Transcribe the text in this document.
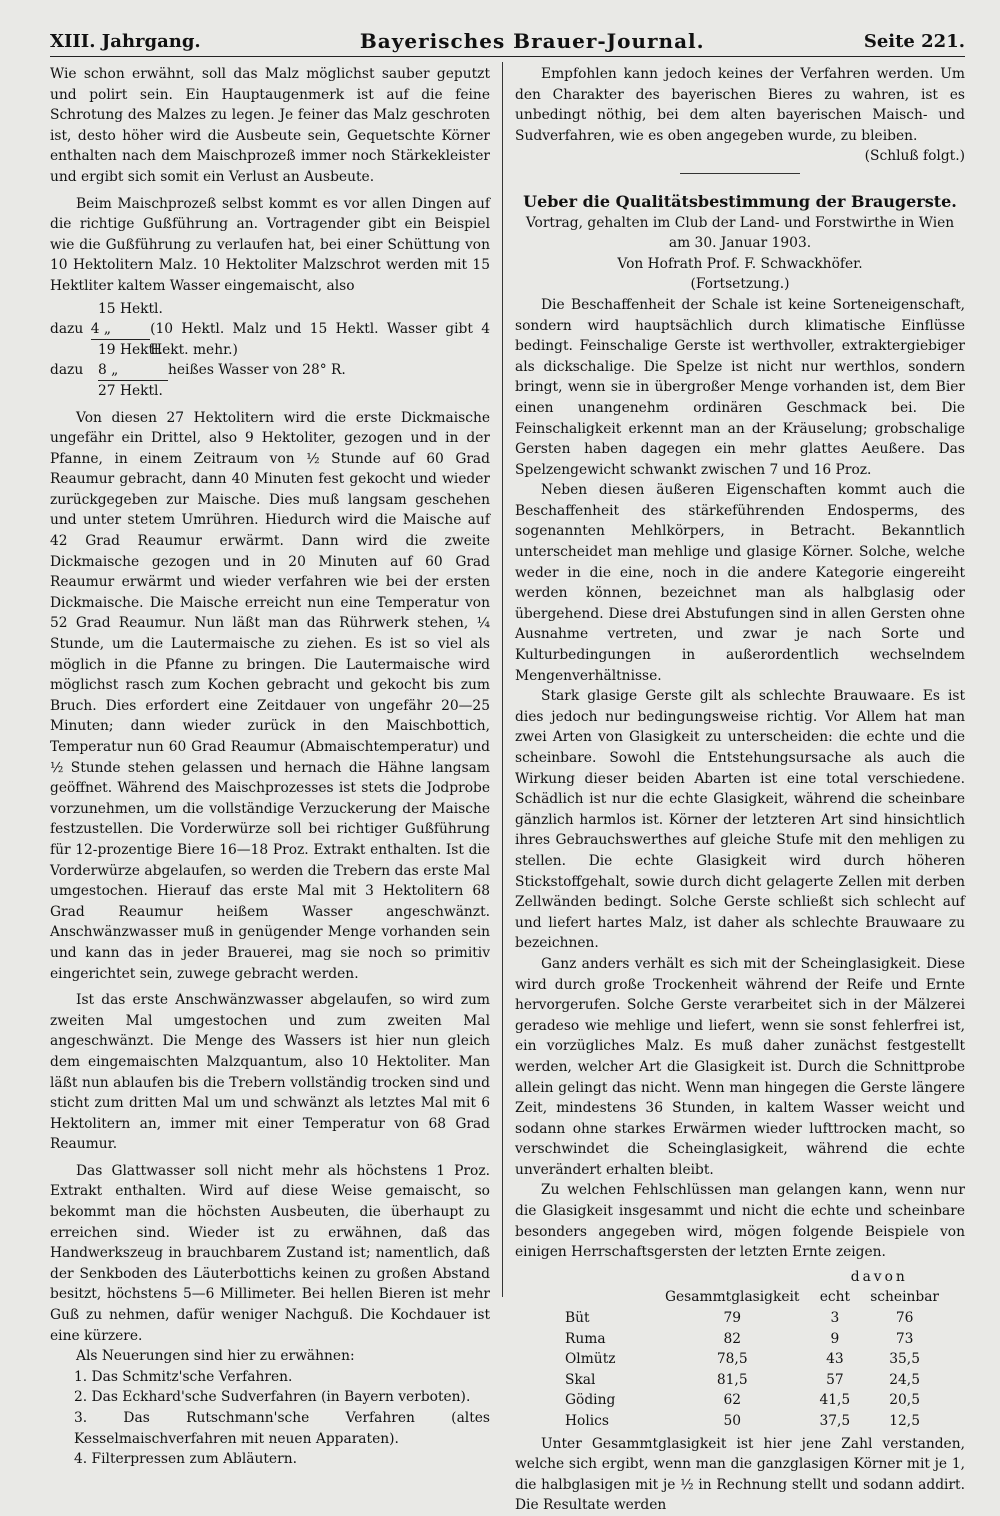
XIII. Jahrgang.	Bayerisches Brauer-Journal.	Seite 221.

Wie schon erwähnt, soll das Malz möglichst sauber geputzt und polirt sein. Ein Hauptaugenmerk ist auf die feine Schrotung des Malzes zu legen. Je feiner das Malz geschroten ist, desto höher wird die Ausbeute sein, Gequetschte Körner enthalten nach dem Maischprozeß immer noch Stärkekleister und ergibt sich somit ein Verlust an Ausbeute.

Beim Maischprozeß selbst kommt es vor allen Dingen auf die richtige Gußführung an. Vortragender gibt ein Beispiel wie die Gußführung zu verlaufen hat, bei einer Schüttung von 10 Hektolitern Malz. 10 Hektoliter Malzschrot werden mit 15 Hektliter kaltem Wasser eingemaischt, also

15 Hektl.
dazu 4 „	(10 Hektl. Malz und 15 Hektl. Wasser gibt 4 Hekt. mehr.)
19 Hektl.
dazu	8 „	heißes Wasser von 28° R.
27 Hektl.

Von diesen 27 Hektolitern wird die erste Dickmaische ungefähr ein Drittel, also 9 Hektoliter, gezogen und in der Pfanne, in einem Zeitraum von ½ Stunde auf 60 Grad Reaumur gebracht, dann 40 Minuten fest gekocht und wieder zurückgegeben zur Maische. Dies muß langsam geschehen und unter stetem Umrühren. Hiedurch wird die Maische auf 42 Grad Reaumur erwärmt. Dann wird die zweite Dickmaische gezogen und in 20 Minuten auf 60 Grad Reaumur erwärmt und wieder verfahren wie bei der ersten Dickmaische. Die Maische erreicht nun eine Temperatur von 52 Grad Reaumur. Nun läßt man das Rührwerk stehen, ¼ Stunde, um die Lautermaische zu ziehen. Es ist so viel als möglich in die Pfanne zu bringen. Die Lautermaische wird möglichst rasch zum Kochen gebracht und gekocht bis zum Bruch. Dies erfordert eine Zeitdauer von ungefähr 20—25 Minuten; dann wieder zurück in den Maischbottich, Temperatur nun 60 Grad Reaumur (Abmaischtemperatur) und ½ Stunde stehen gelassen und hernach die Hähne langsam geöffnet. Während des Maischprozesses ist stets die Jodprobe vorzunehmen, um die vollständige Verzuckerung der Maische festzustellen. Die Vorderwürze soll bei richtiger Gußführung für 12-prozentige Biere 16—18 Proz. Extrakt enthalten. Ist die Vorderwürze abgelaufen, so werden die Trebern das erste Mal umgestochen. Hierauf das erste Mal mit 3 Hektolitern 68 Grad Reaumur heißem Wasser angeschwänzt. Anschwänzwasser muß in genügender Menge vorhanden sein und kann das in jeder Brauerei, mag sie noch so primitiv eingerichtet sein, zuwege gebracht werden.

Ist das erste Anschwänzwasser abgelaufen, so wird zum zweiten Mal umgestochen und zum zweiten Mal angeschwänzt. Die Menge des Wassers ist hier nun gleich dem eingemaischten Malzquantum, also 10 Hektoliter. Man läßt nun ablaufen bis die Trebern vollständig trocken sind und sticht zum dritten Mal um und schwänzt als letztes Mal mit 6 Hektolitern an, immer mit einer Temperatur von 68 Grad Reaumur.

Das Glattwasser soll nicht mehr als höchstens 1 Proz. Extrakt enthalten. Wird auf diese Weise gemaischt, so bekommt man die höchsten Ausbeuten, die überhaupt zu erreichen sind. Wieder ist zu erwähnen, daß das Handwerkszeug in brauchbarem Zustand ist; namentlich, daß der Senkboden des Läuterbottichs keinen zu großen Abstand besitzt, höchstens 5—6 Millimeter. Bei hellen Bieren ist mehr Guß zu nehmen, dafür weniger Nachguß. Die Kochdauer ist eine kürzere.

Als Neuerungen sind hier zu erwähnen:

1. Das Schmitz'sche Verfahren.

2. Das Eckhard'sche Sudverfahren (in Bayern verboten).

3. Das Rutschmann'sche Verfahren (altes Kesselmaischverfahren mit neuen Apparaten).

4. Filterpressen zum Abläutern.

Empfohlen kann jedoch keines der Verfahren werden. Um den Charakter des bayerischen Bieres zu wahren, ist es unbedingt nöthig, bei dem alten bayerischen Maisch- und Sudverfahren, wie es oben angegeben wurde, zu bleiben.

(Schluß folgt.)

Ueber die Qualitätsbestimmung der Braugerste.

Vortrag, gehalten im Club der Land- und Forstwirthe in Wien

am 30. Januar 1903.

Von Hofrath Prof. F. Schwackhöfer.

(Fortsetzung.)

Die Beschaffenheit der Schale ist keine Sorteneigenschaft, sondern wird hauptsächlich durch klimatische Einflüsse bedingt. Feinschalige Gerste ist werthvoller, extraktergiebiger als dickschalige. Die Spelze ist nicht nur werthlos, sondern bringt, wenn sie in übergroßer Menge vorhanden ist, dem Bier einen unangenehm ordinären Geschmack bei. Die Feinschaligkeit erkennt man an der Kräuselung; grobschalige Gersten haben dagegen ein mehr glattes Aeußere. Das Spelzengewicht schwankt zwischen 7 und 16 Proz.

Neben diesen äußeren Eigenschaften kommt auch die Beschaffenheit des stärkeführenden Endosperms, des sogenannten Mehlkörpers, in Betracht. Bekanntlich unterscheidet man mehlige und glasige Körner. Solche, welche weder in die eine, noch in die andere Kategorie eingereiht werden können, bezeichnet man als halbglasig oder übergehend. Diese drei Abstufungen sind in allen Gersten ohne Ausnahme vertreten, und zwar je nach Sorte und Kulturbedingungen in außerordentlich wechselndem Mengenverhältnisse.

Stark glasige Gerste gilt als schlechte Brauwaare. Es ist dies jedoch nur bedingungsweise richtig. Vor Allem hat man zwei Arten von Glasigkeit zu unterscheiden: die echte und die scheinbare. Sowohl die Entstehungsursache als auch die Wirkung dieser beiden Abarten ist eine total verschiedene. Schädlich ist nur die echte Glasigkeit, während die scheinbare gänzlich harmlos ist. Körner der letzteren Art sind hinsichtlich ihres Gebrauchswerthes auf gleiche Stufe mit den mehligen zu stellen. Die echte Glasigkeit wird durch höheren Stickstoffgehalt, sowie durch dicht gelagerte Zellen mit derben Zellwänden bedingt. Solche Gerste schließt sich schlecht auf und liefert hartes Malz, ist daher als schlechte Brauwaare zu bezeichnen.

Ganz anders verhält es sich mit der Scheinglasigkeit. Diese wird durch große Trockenheit während der Reife und Ernte hervorgerufen. Solche Gerste verarbeitet sich in der Mälzerei geradeso wie mehlige und liefert, wenn sie sonst fehlerfrei ist, ein vorzügliches Malz. Es muß daher zunächst festgestellt werden, welcher Art die Glasigkeit ist. Durch die Schnittprobe allein gelingt das nicht. Wenn man hingegen die Gerste längere Zeit, mindestens 36 Stunden, in kaltem Wasser weicht und sodann ohne starkes Erwärmen wieder lufttrocken macht, so verschwindet die Scheinglasigkeit, während die echte unverändert erhalten bleibt.

Zu welchen Fehlschlüssen man gelangen kann, wenn nur die Glasigkeit insgesammt und nicht die echte und scheinbare besonders angegeben wird, mögen folgende Beispiele von einigen Herrschaftsgersten der letzten Ernte zeigen.

		davon	
	Gesammtglasigkeit	echt	scheinbar
Büt	79	3	76
Ruma	82	9	73
Olmütz	78,5	43	35,5
Skal	81,5	57	24,5
Göding	62	41,5	20,5
Holics	50	37,5	12,5

Unter Gesammtglasigkeit ist hier jene Zahl verstanden, welche sich ergibt, wenn man die ganzglasigen Körner mit je 1, die halbglasigen mit je ½ in Rechnung stellt und sodann addirt. Die Resultate werden
